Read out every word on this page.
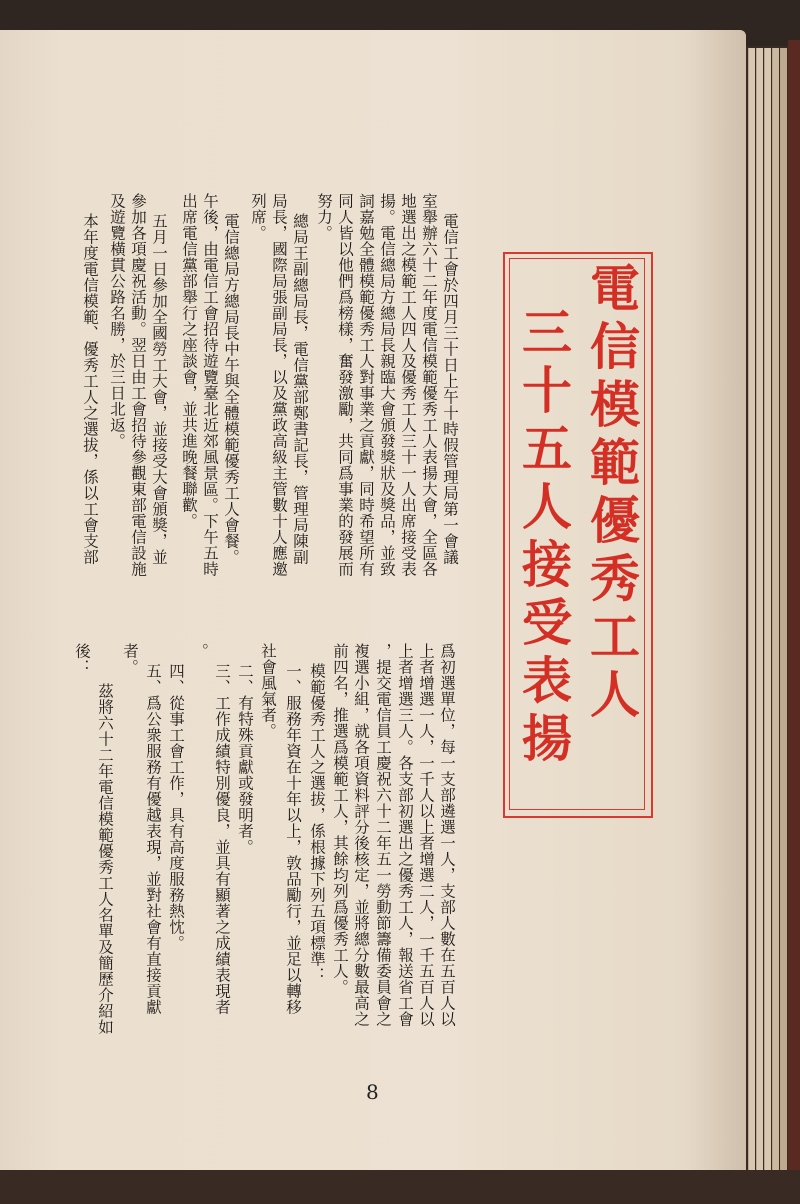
電信模範優秀工人
三十五人接受表揚
電信工會於四月三十日上午十時假管理局第一會議
室舉辦六十二年度電信模範優秀工人表揚大會，全區各
地選出之模範工人四人及優秀工人三十一人出席接受表
揚。電信總局方總局長親臨大會頒發獎狀及獎品，並致
詞嘉勉全體模範優秀工人對事業之貢獻，同時希望所有
同人皆以他們爲榜樣，奮發激勵，共同爲事業的發展而
努力。
總局王副總局長，電信黨部鄭書記長，管理局陳副
局長，國際局張副局長，以及黨政高級主管數十人應邀
列席。
電信總局方總局長中午與全體模範優秀工人會餐。
午後，由電信工會招待遊覽臺北近郊風景區。下午五時
出席電信黨部舉行之座談會，並共進晚餐聯歡。
五月一日參加全國勞工大會，並接受大會頒獎，並
參加各項慶祝活動。翌日由工會招待參觀東部電信設施
及遊覽橫貫公路名勝，於三日北返。
本年度電信模範、優秀工人之選拔，係以工會支部
爲初選單位，每一支部遴選一人，支部人數在五百人以
上者增選一人，一千人以上者增選二人，一千五百人以
上者增選三人。各支部初選出之優秀工人，報送省工會
，提交電信員工慶祝六十二年五一勞動節籌備委員會之
複選小組，就各項資料評分後核定，並將總分數最高之
前四名，推選爲模範工人，其餘均列爲優秀工人。
模範優秀工人之選拔，係根據下列五項標準：
一、服務年資在十年以上，敦品勵行，並足以轉移
社會風氣者。
二、有特殊貢獻或發明者。
三、工作成績特別優良，並具有顯著之成績表現者
。
四、從事工會工作，具有高度服務熱忱。
五、爲公衆服務有優越表現，並對社會有直接貢獻
者。
茲將六十二年電信模範優秀工人名單及簡歷介紹如
後：
8
